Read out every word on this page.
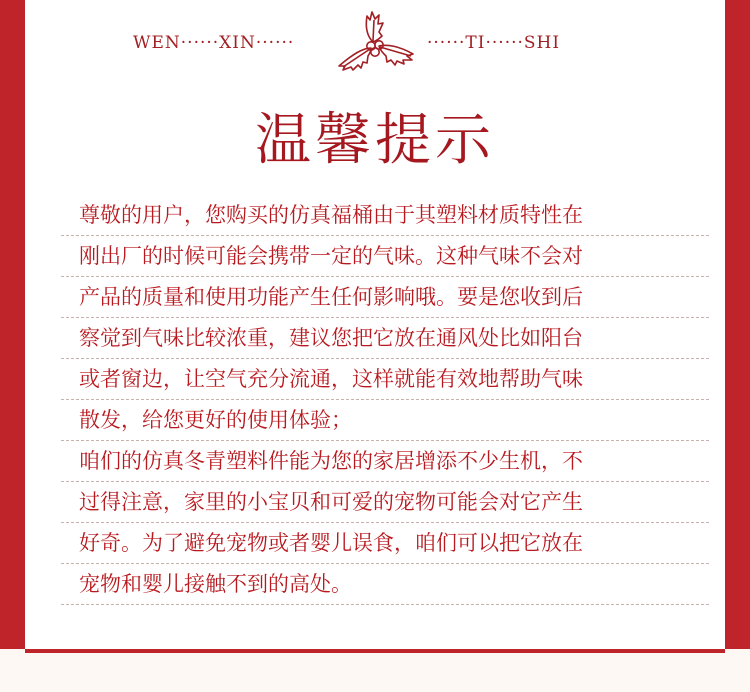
WEN······XIN······	······TI······SHI
温馨提示
尊敬的用户，您购买的仿真福桶由于其塑料材质特性在
刚出厂的时候可能会携带一定的气味。这种气味不会对
产品的质量和使用功能产生任何影响哦。要是您收到后
察觉到气味比较浓重，建议您把它放在通风处比如阳台
或者窗边，让空气充分流通，这样就能有效地帮助气味
散发，给您更好的使用体验；
咱们的仿真冬青塑料件能为您的家居增添不少生机，不
过得注意，家里的小宝贝和可爱的宠物可能会对它产生
好奇。为了避免宠物或者婴儿误食，咱们可以把它放在
宠物和婴儿接触不到的高处。
